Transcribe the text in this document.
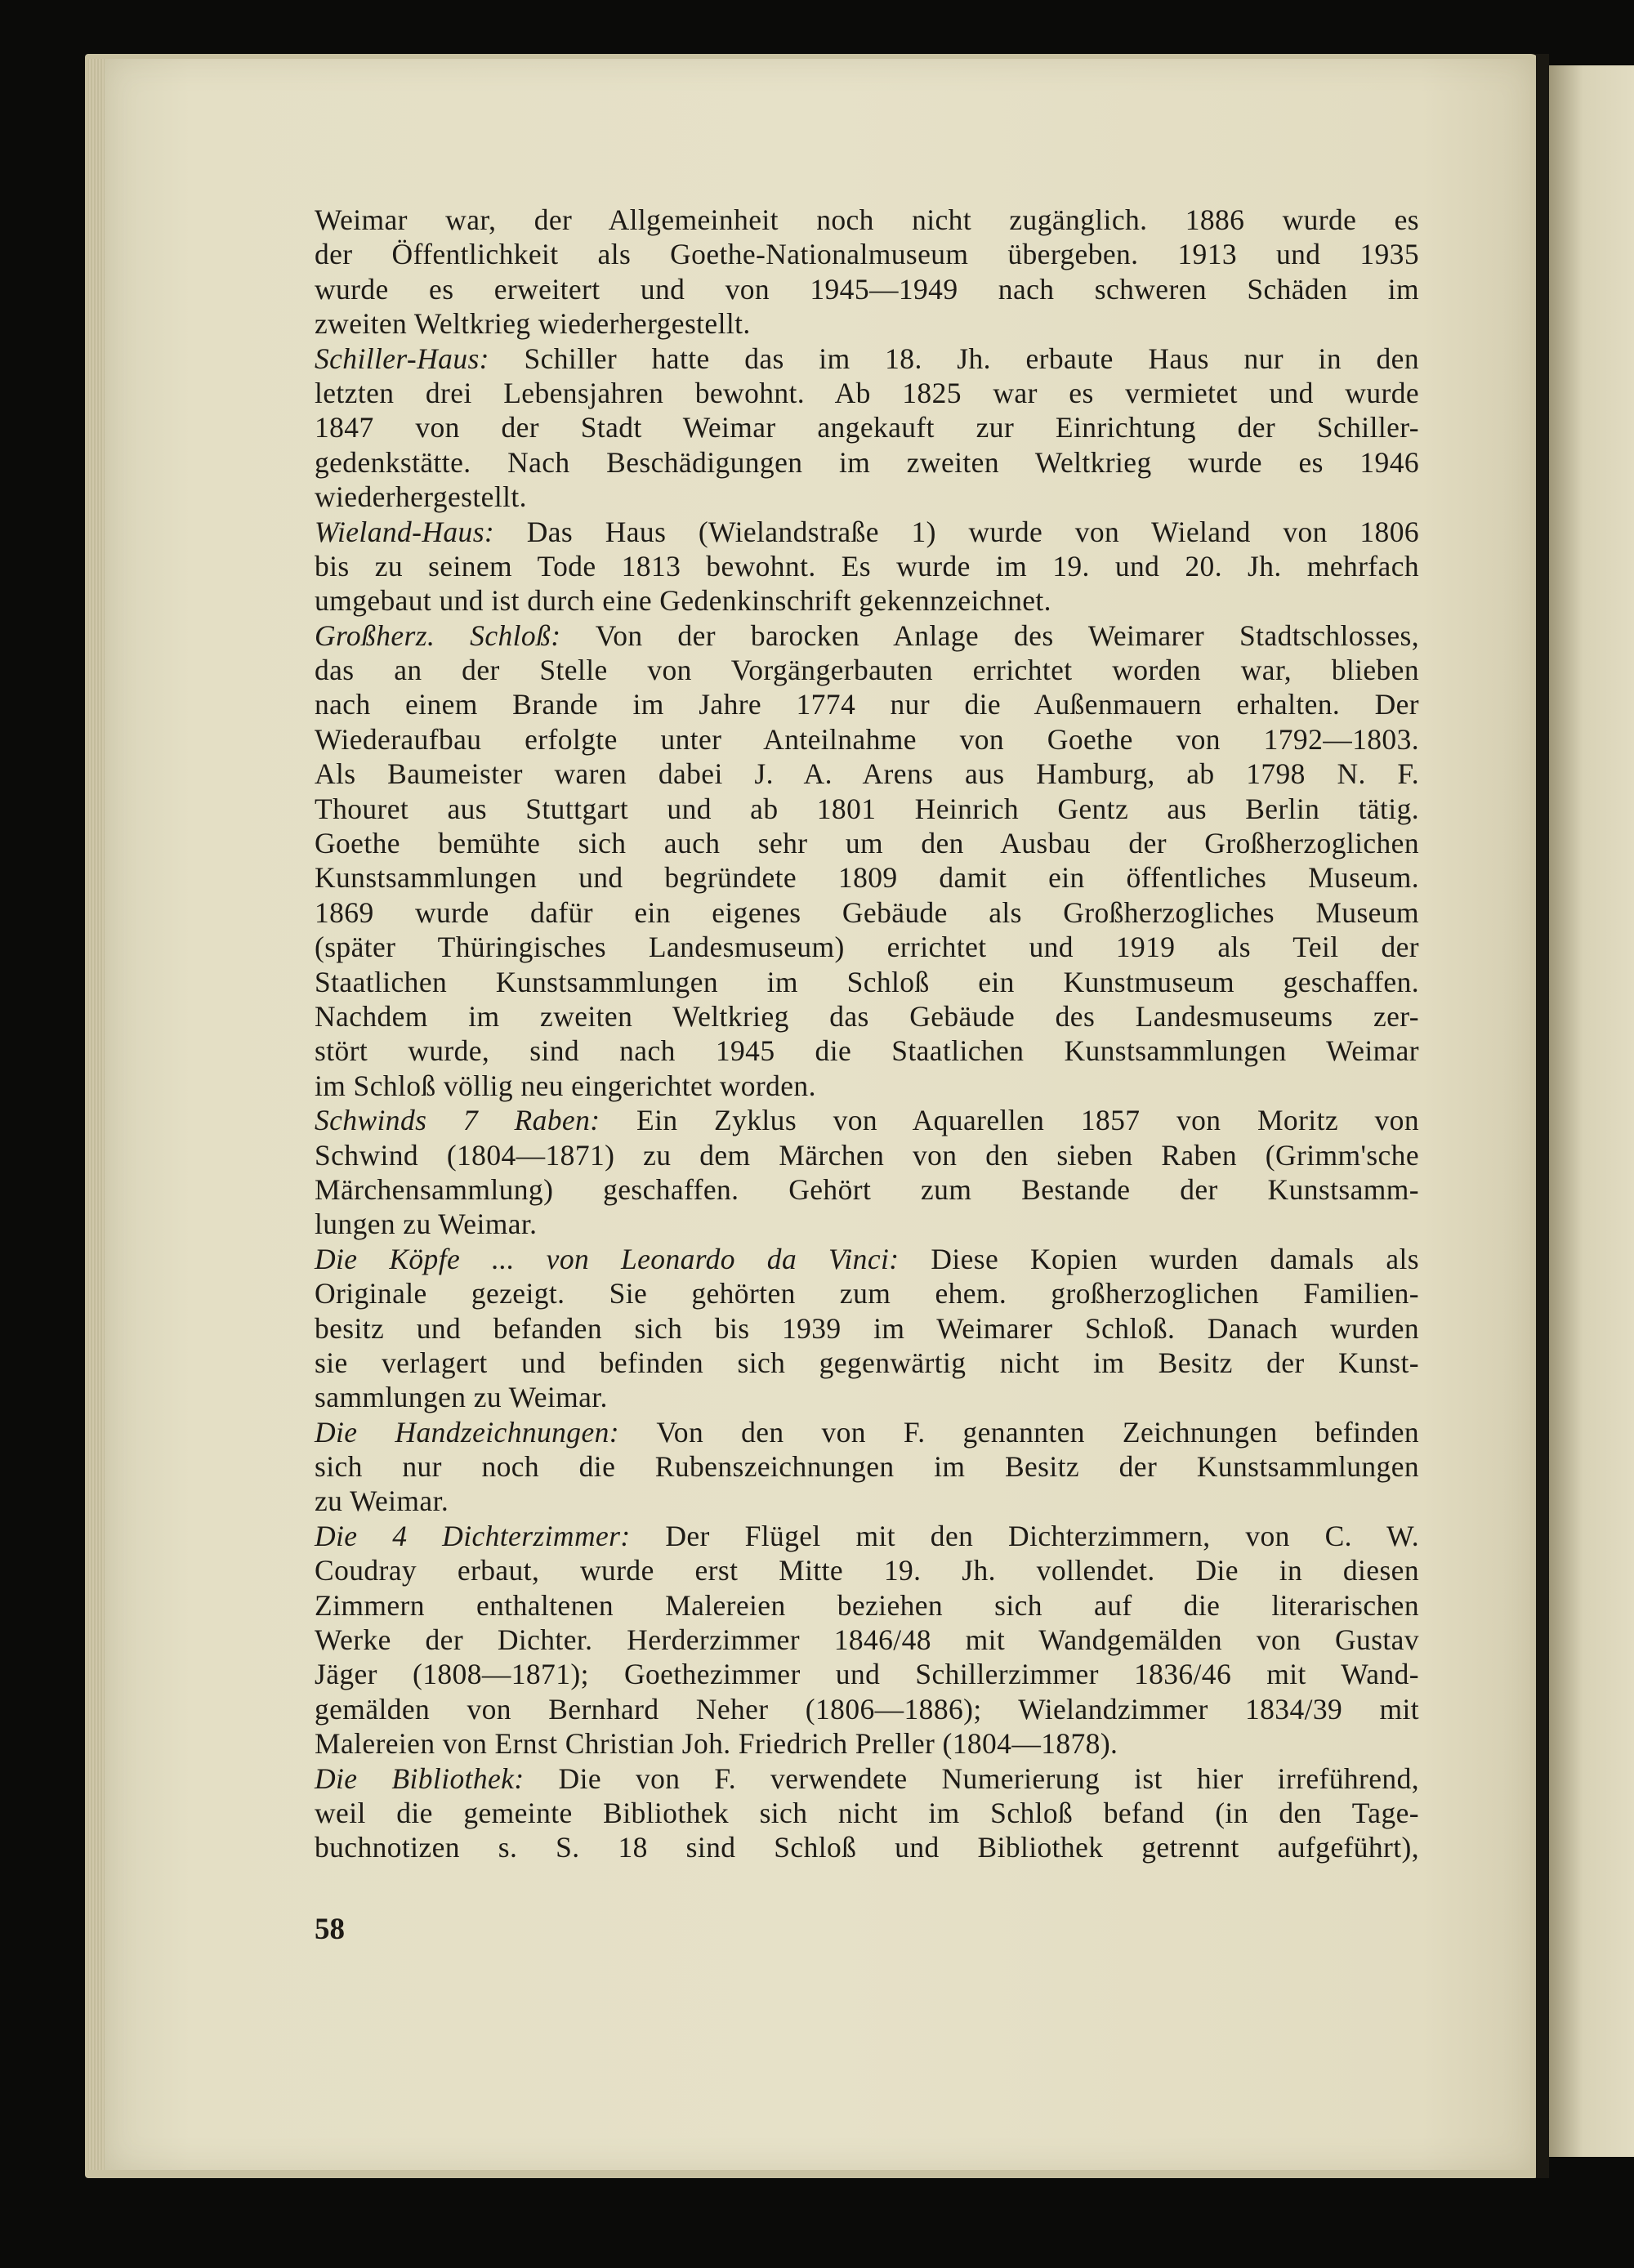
Weimar war, der Allgemeinheit noch nicht zugänglich. 1886 wurde es
der Öffentlichkeit als Goethe-Nationalmuseum übergeben. 1913 und 1935
wurde es erweitert und von 1945—1949 nach schweren Schäden im
zweiten Weltkrieg wiederhergestellt.
Schiller-Haus: Schiller hatte das im 18. Jh. erbaute Haus nur in den
letzten drei Lebensjahren bewohnt. Ab 1825 war es vermietet und wurde
1847 von der Stadt Weimar angekauft zur Einrichtung der Schiller-
gedenkstätte. Nach Beschädigungen im zweiten Weltkrieg wurde es 1946
wiederhergestellt.
Wieland-Haus: Das Haus (Wielandstraße 1) wurde von Wieland von 1806
bis zu seinem Tode 1813 bewohnt. Es wurde im 19. und 20. Jh. mehrfach
umgebaut und ist durch eine Gedenkinschrift gekennzeichnet.
Großherz. Schloß: Von der barocken Anlage des Weimarer Stadtschlosses,
das an der Stelle von Vorgängerbauten errichtet worden war, blieben
nach einem Brande im Jahre 1774 nur die Außenmauern erhalten. Der
Wiederaufbau erfolgte unter Anteilnahme von Goethe von 1792—1803.
Als Baumeister waren dabei J. A. Arens aus Hamburg, ab 1798 N. F.
Thouret aus Stuttgart und ab 1801 Heinrich Gentz aus Berlin tätig.
Goethe bemühte sich auch sehr um den Ausbau der Großherzoglichen
Kunstsammlungen und begründete 1809 damit ein öffentliches Museum.
1869 wurde dafür ein eigenes Gebäude als Großherzogliches Museum
(später Thüringisches Landesmuseum) errichtet und 1919 als Teil der
Staatlichen Kunstsammlungen im Schloß ein Kunstmuseum geschaffen.
Nachdem im zweiten Weltkrieg das Gebäude des Landesmuseums zer-
stört wurde, sind nach 1945 die Staatlichen Kunstsammlungen Weimar
im Schloß völlig neu eingerichtet worden.
Schwinds 7 Raben: Ein Zyklus von Aquarellen 1857 von Moritz von
Schwind (1804—1871) zu dem Märchen von den sieben Raben (Grimm'sche
Märchensammlung) geschaffen. Gehört zum Bestande der Kunstsamm-
lungen zu Weimar.
Die Köpfe ... von Leonardo da Vinci: Diese Kopien wurden damals als
Originale gezeigt. Sie gehörten zum ehem. großherzoglichen Familien-
besitz und befanden sich bis 1939 im Weimarer Schloß. Danach wurden
sie verlagert und befinden sich gegenwärtig nicht im Besitz der Kunst-
sammlungen zu Weimar.
Die Handzeichnungen: Von den von F. genannten Zeichnungen befinden
sich nur noch die Rubenszeichnungen im Besitz der Kunstsammlungen
zu Weimar.
Die 4 Dichterzimmer: Der Flügel mit den Dichterzimmern, von C. W.
Coudray erbaut, wurde erst Mitte 19. Jh. vollendet. Die in diesen
Zimmern enthaltenen Malereien beziehen sich auf die literarischen
Werke der Dichter. Herderzimmer 1846/48 mit Wandgemälden von Gustav
Jäger (1808—1871); Goethezimmer und Schillerzimmer 1836/46 mit Wand-
gemälden von Bernhard Neher (1806—1886); Wielandzimmer 1834/39 mit
Malereien von Ernst Christian Joh. Friedrich Preller (1804—1878).
Die Bibliothek: Die von F. verwendete Numerierung ist hier irreführend,
weil die gemeinte Bibliothek sich nicht im Schloß befand (in den Tage-
buchnotizen s. S. 18 sind Schloß und Bibliothek getrennt aufgeführt),
58
